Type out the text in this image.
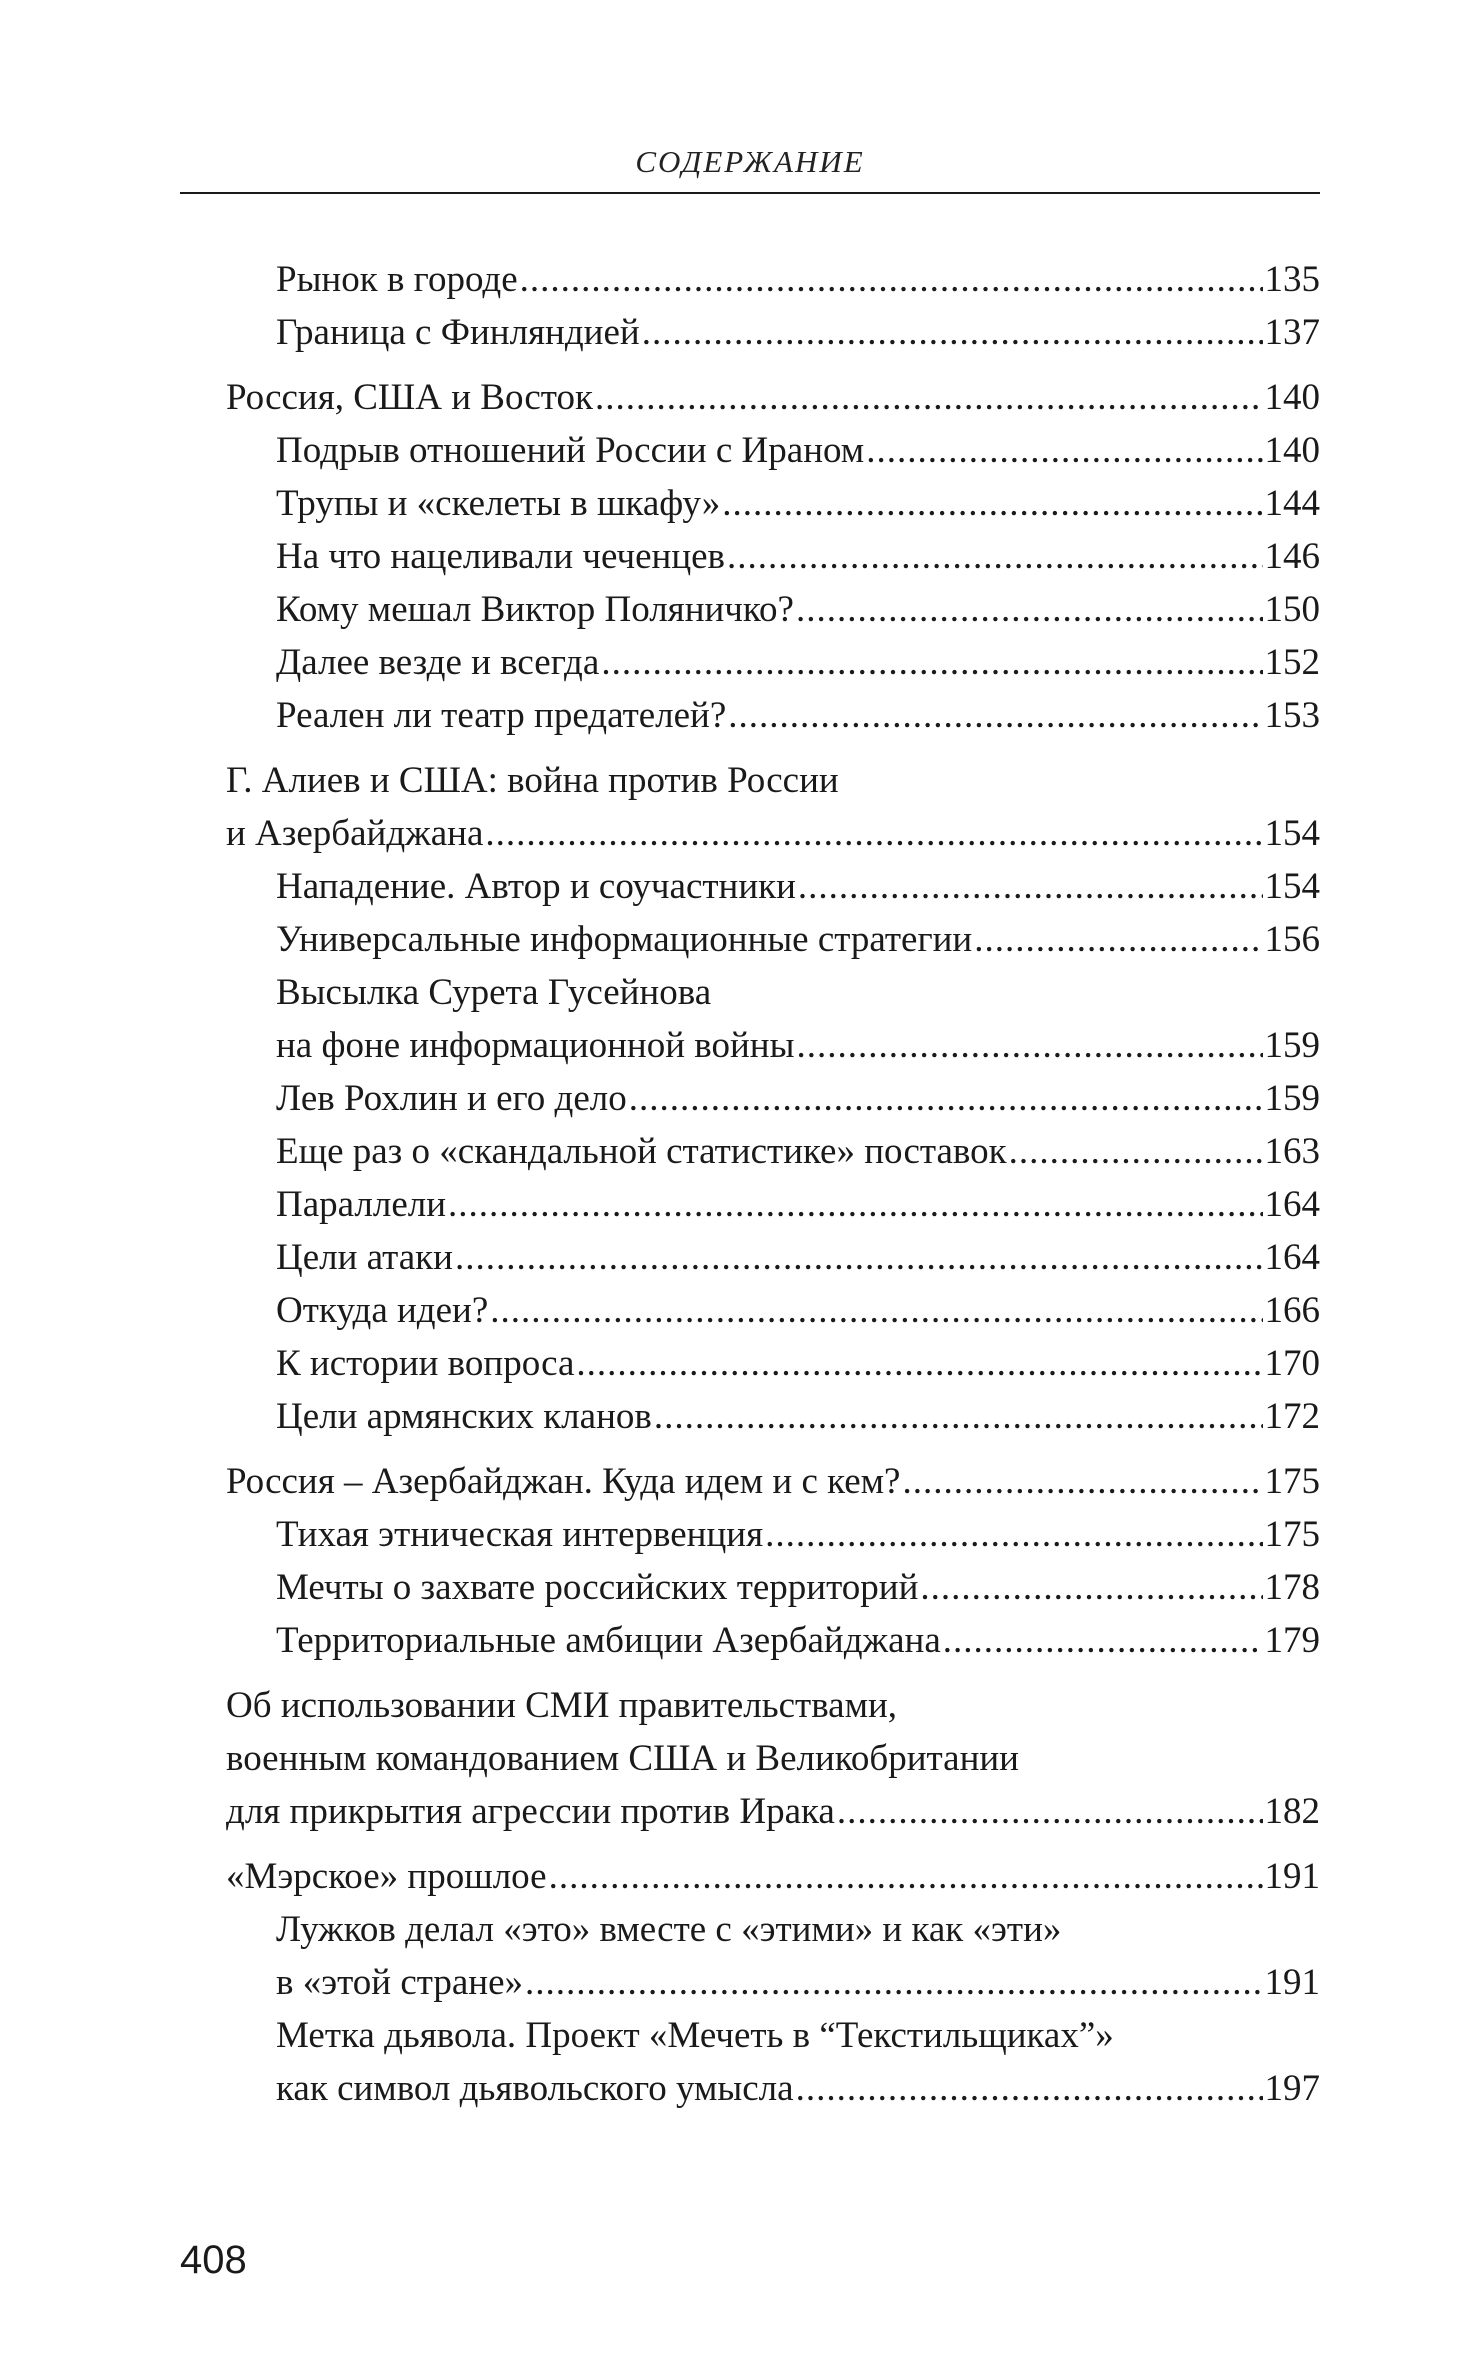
СОДЕРЖАНИЕ
Рынок в городе .....	135
Граница с Финляндией .....	137
Россия, США и Восток .....	140
Подрыв отношений России с Ираном .....	140
Трупы и «скелеты в шкафу» .....	144
На что нацеливали чеченцев .....	146
Кому мешал Виктор Поляничко? .....	150
Далее везде и всегда .....	152
Реален ли театр предателей? .....	153
Г. Алиев и США: война против России
и Азербайджана .....	154
Нападение. Автор и соучастники .....	154
Универсальные информационные стратегии .....	156
Высылка Сурета Гусейнова
на фоне информационной войны .....	159
Лев Рохлин и его дело .....	159
Еще раз о «скандальной статистике» поставок .....	163
Параллели .....	164
Цели атаки .....	164
Откуда идеи? .....	166
К истории вопроса .....	170
Цели армянских кланов .....	172
Россия – Азербайджан. Куда идем и с кем? .....	175
Тихая этническая интервенция .....	175
Мечты о захвате российских территорий .....	178
Территориальные амбиции Азербайджана .....	179
Об использовании СМИ правительствами,
военным командованием США и Великобритании
для прикрытия агрессии против Ирака .....	182
«Мэрское» прошлое .....	191
Лужков делал «это» вместе с «этими» и как «эти»
в «этой стране» .....	191
Метка дьявола. Проект «Мечеть в “Текстильщиках”»
как символ дьявольского умысла .....	197
408
